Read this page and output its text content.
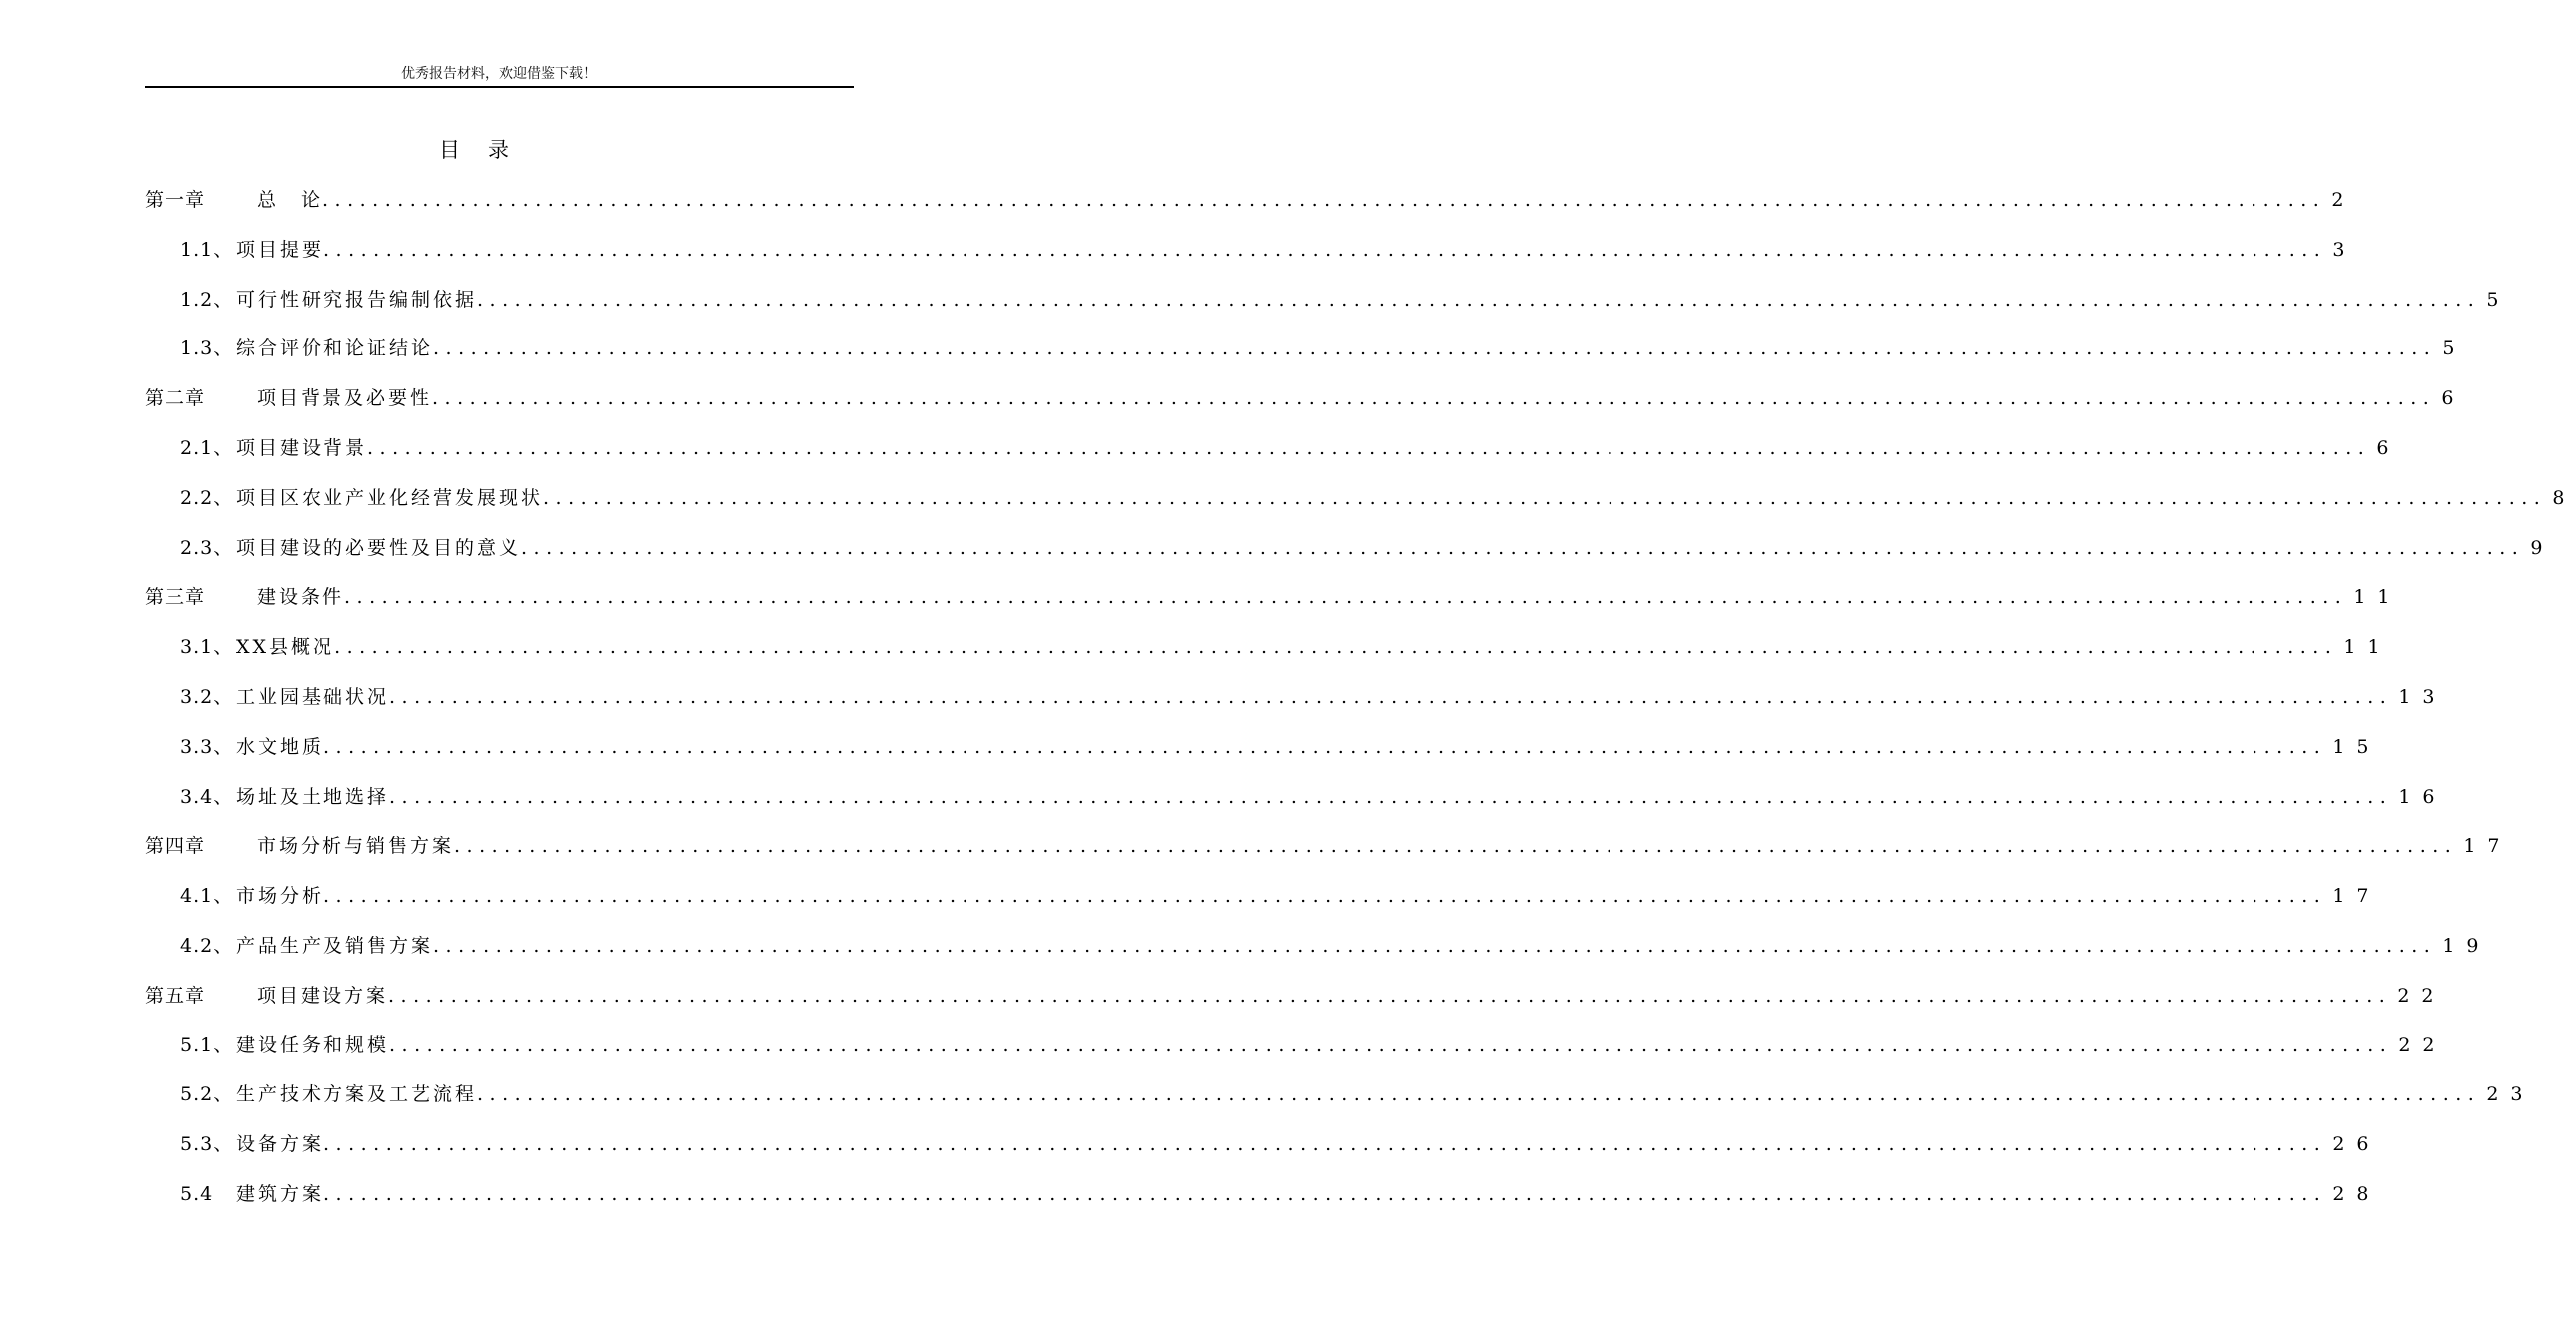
优秀报告材料，欢迎借鉴下载！
目录
第一章	总　论 ................................................................................................................................................................ 2
1.1、 项目提要 ................................................................................................................................................................ 3
1.2、 可行性研究报告编制依据 ................................................................................................................................................................ 5
1.3、 综合评价和论证结论 ................................................................................................................................................................ 5
第二章	项目背景及必要性 ................................................................................................................................................................ 6
2.1、 项目建设背景 ................................................................................................................................................................ 6
2.2、 项目区农业产业化经营发展现状 ................................................................................................................................................................ 8
2.3、 项目建设的必要性及目的意义 ................................................................................................................................................................ 9
第三章	建设条件 ................................................................................................................................................................ 11
3.1、 XX县概况 ................................................................................................................................................................ 11
3.2、 工业园基础状况 ................................................................................................................................................................ 13
3.3、 水文地质 ................................................................................................................................................................ 15
3.4、 场址及土地选择 ................................................................................................................................................................ 16
第四章	市场分析与销售方案 ................................................................................................................................................................ 17
4.1、 市场分析 ................................................................................................................................................................ 17
4.2、 产品生产及销售方案 ................................................................................................................................................................ 19
第五章	项目建设方案 ................................................................................................................................................................ 22
5.1、 建设任务和规模 ................................................................................................................................................................ 22
5.2、 生产技术方案及工艺流程 ................................................................................................................................................................ 23
5.3、 设备方案 ................................................................................................................................................................ 26
5.4	建筑方案 ................................................................................................................................................................ 28
